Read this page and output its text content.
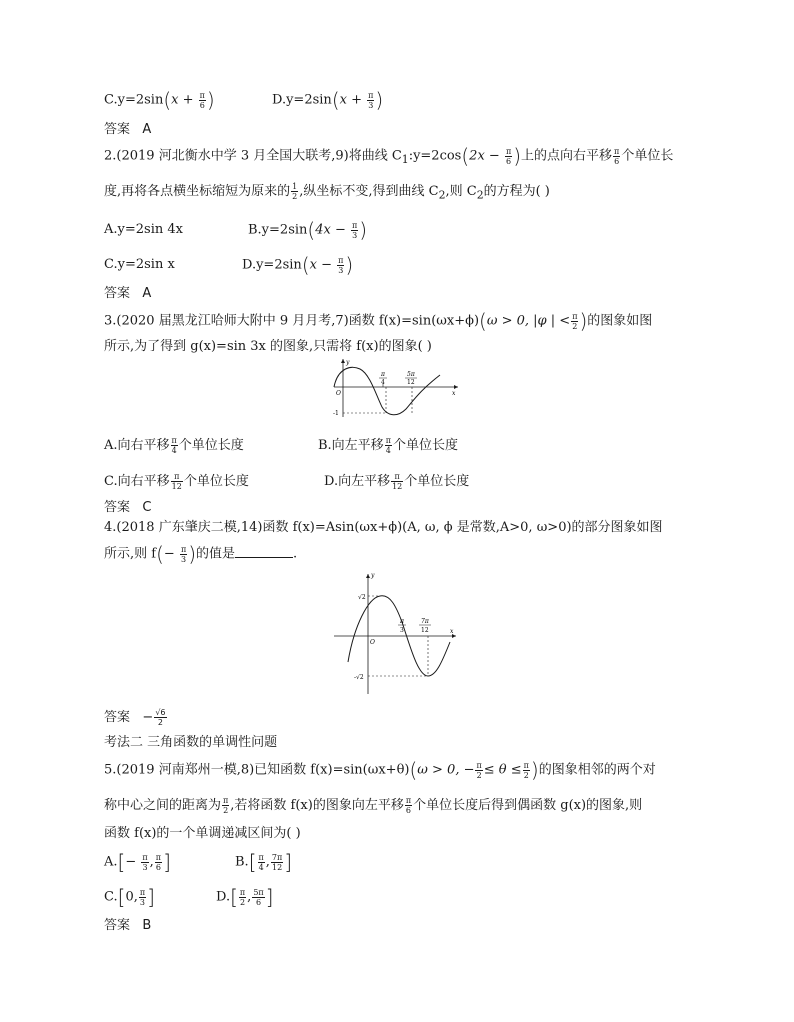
$C.y=2\sin(x + \frac{\pi}{6}$ )	$D.y=2\sin(x + \frac{\pi}{3}$ )
答案 A
2.(2019 河北衡水中学 3 月全国大联考,9)将曲线 $C_1:y=2\cos(2x - \frac{\pi}{6}$ )上的点向右平移 $\frac{\pi}{6}$ 个单位长
度,再将各点横坐标缩短为原来的 $\frac{1}{2}$ ,纵坐标不变,得到曲线 $C_2$,则 $C_2$的方程为( )
A.y=2sin 4x	$B.y=2\sin(4x - \frac{\pi}{3}$ )
C.y=2sin x	$D.y=2\sin(x - \frac{\pi}{3}$ )
答案 A
3.(2020 届黑龙江哈师大附中 9 月月考,7)函数 f(x)=sin(ωx+ϕ)(ω > 0, |φ | < $\frac{\pi}{2}$ )的图象如图
所示,为了得到 g(x)=sin 3x 的图象,只需将 f(x)的图象( )
y
x
O
-1
π
4
5π
12
A.向右平移 $\frac{\pi}{4}$ 个单位长度	B.向左平移 $\frac{\pi}{4}$ 个单位长度
C.向右平移 $\frac{\pi}{12}$ 个单位长度	D.向左平移 $\frac{\pi}{12}$ 个单位长度
答案 C
4.(2018 广东肇庆二模,14)函数 f(x)=Asin(ωx+ϕ)(A, ω, ϕ 是常数,A>0, ω>0)的部分图象如图
所示,则 $f(- \frac{\pi}{3}$ )的值是	.
y
x
O
√2
-√2
π
3
7π
12
答案 − $\frac{√6}{2}$
考法二 三角函数的单调性问题
5.(2019 河南郑州一模,8)已知函数 f(x)=sin(ωx+θ)(ω > 0, − $\frac{\pi}{2} \le \theta \le \frac{\pi}{2}$ )的图象相邻的两个对
称中心之间的距离为 $\frac{\pi}{2}$ ,若将函数 f(x)的图象向左平移 $\frac{\pi}{6}$ 个单位长度后得到偶函数 g(x)的图象,则
函数 f(x)的一个单调递减区间为( )
$A.[- \frac{\pi}{3}$ , $\frac{\pi}{6}$ ]	$B.[ \frac{\pi}{4}$ , $\frac{7\pi}{12}$ ]
C.[0, $\frac{\pi}{3}$ ]	$D.[ \frac{\pi}{2}$ , $\frac{5\pi}{6}$ ]
答案 B
